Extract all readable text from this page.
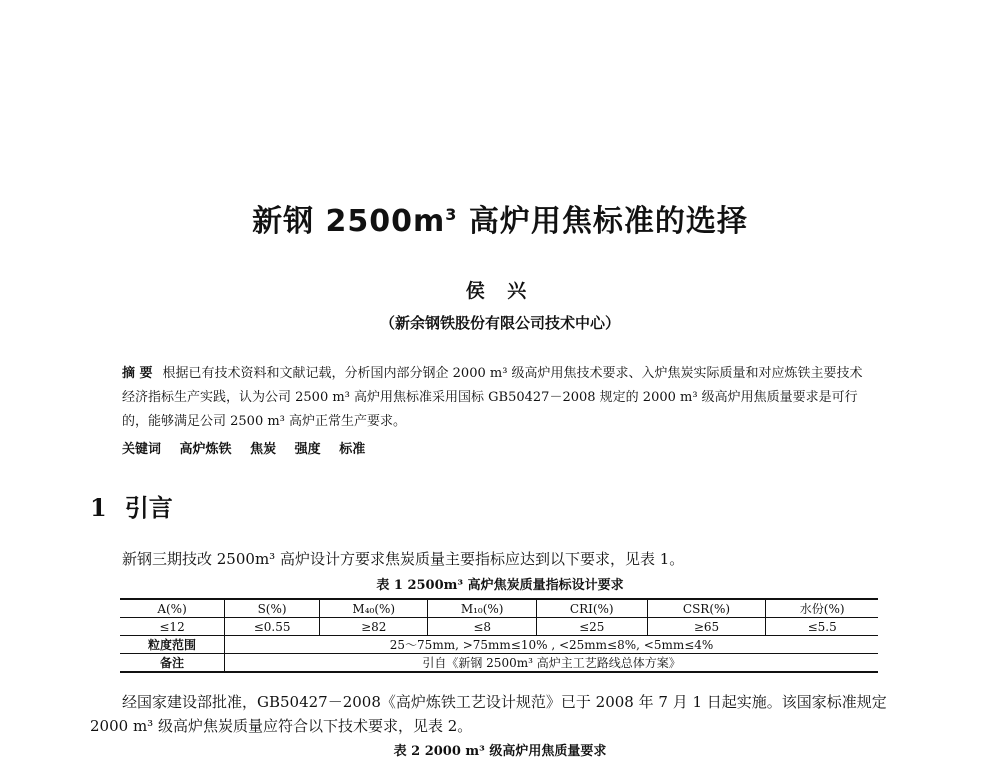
新钢 $2500m^3$ 高炉用焦标准的选择
侯 兴
（新余钢铁股份有限公司技术中心）
摘 要 根据已有技术资料和文献记载，分析国内部分钢企 2000 m³ 级高炉用焦技术要求、入炉焦炭实际质量和对应炼铁主要技术经济指标生产实践，认为公司 2500 m³ 高炉用焦标准采用国标 GB50427－2008 规定的 2000 m³ 级高炉用焦质量要求是可行的，能够满足公司 2500 m³ 高炉正常生产要求。
关键词 高炉炼铁 焦炭 强度 标准
1 引言
新钢三期技改 2500m³ 高炉设计方要求焦炭质量主要指标应达到以下要求，见表 1。
表 1 2500m³ 高炉焦炭质量指标设计要求
A(%)	S(%)	M₄₀(%)	M₁₀(%)	CRI(%)	CSR(%)	水份(%)
≤12	≤0.55	≥82	≤8	≤25	≥65	≤5.5
粒度范围	25～75mm, >75mm≤10% , <25mm≤8%, <5mm≤4%					
备注	引自《新钢 2500m³ 高炉主工艺路线总体方案》					
经国家建设部批准，GB50427－2008《高炉炼铁工艺设计规范》已于 2008 年 7 月 1 日起实施。该国家标准规定 2000 m³ 级高炉焦炭质量应符合以下技术要求，见表 2。
表 2 2000 m³ 级高炉用焦质量要求
